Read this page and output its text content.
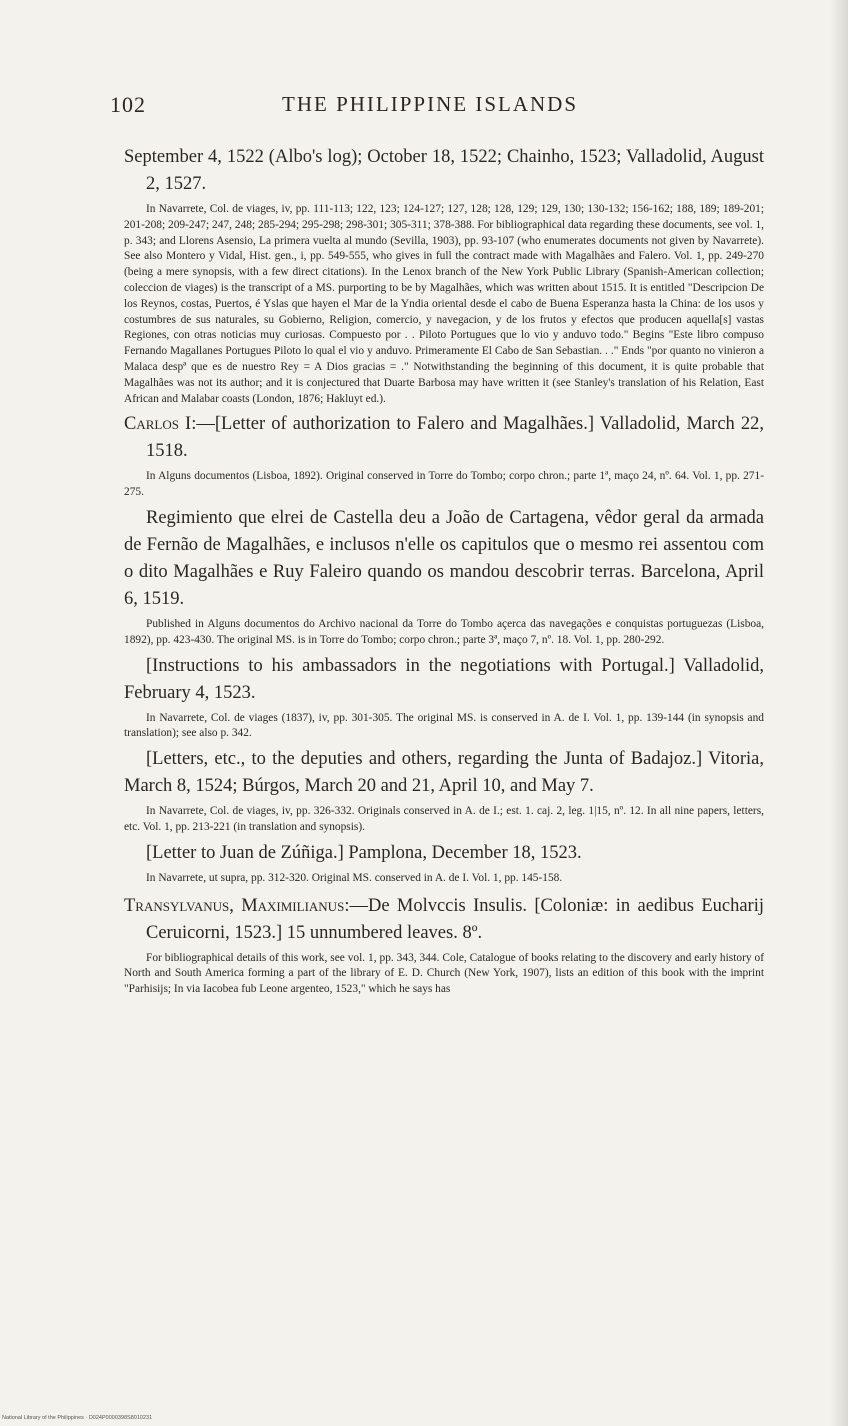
102	THE PHILIPPINE ISLANDS

September 4, 1522 (Albo's log); October 18, 1522; Chainho, 1523; Valladolid, August 2, 1527.

In Navarrete, Col. de viages, iv, pp. 111-113; 122, 123; 124-127; 127, 128; 128, 129; 129, 130; 130-132; 156-162; 188, 189; 189-201; 201-208; 209-247; 247, 248; 285-294; 295-298; 298-301; 305-311; 378-388. For bibliographical data regarding these documents, see vol. 1, p. 343; and Llorens Asensio, La primera vuelta al mundo (Sevilla, 1903), pp. 93-107 (who enumerates documents not given by Navarrete). See also Montero y Vidal, Hist. gen., i, pp. 549-555, who gives in full the contract made with Magalhães and Falero. Vol. 1, pp. 249-270 (being a mere synopsis, with a few direct citations). In the Lenox branch of the New York Public Library (Spanish-American collection; coleccion de viages) is the transcript of a MS. purporting to be by Magalhães, which was written about 1515. It is entitled "Descripcion De los Reynos, costas, Puertos, é Yslas que hayen el Mar de la Yndia oriental desde el cabo de Buena Esperanza hasta la China: de los usos y costumbres de sus naturales, su Gobierno, Religion, comercio, y navegacion, y de los frutos y efectos que producen aquella[s] vastas Regiones, con otras noticias muy curiosas. Compuesto por . . Piloto Portugues que lo vio y anduvo todo." Begins "Este libro compuso Fernando Magallanes Portugues Piloto lo qual el vio y anduvo. Primeramente El Cabo de San Sebastian. . ." Ends "por quanto no vinieron a Malaca despª que es de nuestro Rey = A Dios gracias = ." Notwithstanding the beginning of this document, it is quite probable that Magalhães was not its author; and it is conjectured that Duarte Barbosa may have written it (see Stanley's translation of his Relation, East African and Malabar coasts (London, 1876; Hakluyt ed.).

Carlos I:—[Letter of authorization to Falero and Magalhães.] Valladolid, March 22, 1518.

In Alguns documentos (Lisboa, 1892). Original conserved in Torre do Tombo; corpo chron.; parte 1ª, maço 24, nº. 64. Vol. 1, pp. 271-275.

Regimiento que elrei de Castella deu a João de Cartagena, vêdor geral da armada de Fernão de Magalhães, e inclusos n'elle os capitulos que o mesmo rei assentou com o dito Magalhães e Ruy Faleiro quando os mandou descobrir terras. Barcelona, April 6, 1519.

Published in Alguns documentos do Archivo nacional da Torre do Tombo açerca das navegações e conquistas portuguezas (Lisboa, 1892), pp. 423-430. The original MS. is in Torre do Tombo; corpo chron.; parte 3ª, maço 7, nº. 18. Vol. 1, pp. 280-292.

[Instructions to his ambassadors in the negotiations with Portugal.] Valladolid, February 4, 1523.

In Navarrete, Col. de viages (1837), iv, pp. 301-305. The original MS. is conserved in A. de I. Vol. 1, pp. 139-144 (in synopsis and translation); see also p. 342.

[Letters, etc., to the deputies and others, regarding the Junta of Badajoz.] Vitoria, March 8, 1524; Búrgos, March 20 and 21, April 10, and May 7.

In Navarrete, Col. de viages, iv, pp. 326-332. Originals conserved in A. de I.; est. 1. caj. 2, leg. 1|15, nº. 12. In all nine papers, letters, etc. Vol. 1, pp. 213-221 (in translation and synopsis).

[Letter to Juan de Zúñiga.] Pamplona, December 18, 1523.

In Navarrete, ut supra, pp. 312-320. Original MS. conserved in A. de I. Vol. 1, pp. 145-158.

Transylvanus, Maximilianus:—De Molvccis Insulis. [Coloniæ: in aedibus Eucharij Ceruicorni, 1523.] 15 unnumbered leaves. 8º.

For bibliographical details of this work, see vol. 1, pp. 343, 344. Cole, Catalogue of books relating to the discovery and early history of North and South America forming a part of the library of E. D. Church (New York, 1907), lists an edition of this book with the imprint "Parhisijs; In via Iacobea fub Leone argenteo, 1523," which he says has

National Library of the Philippines · D024P0000398S8010231
